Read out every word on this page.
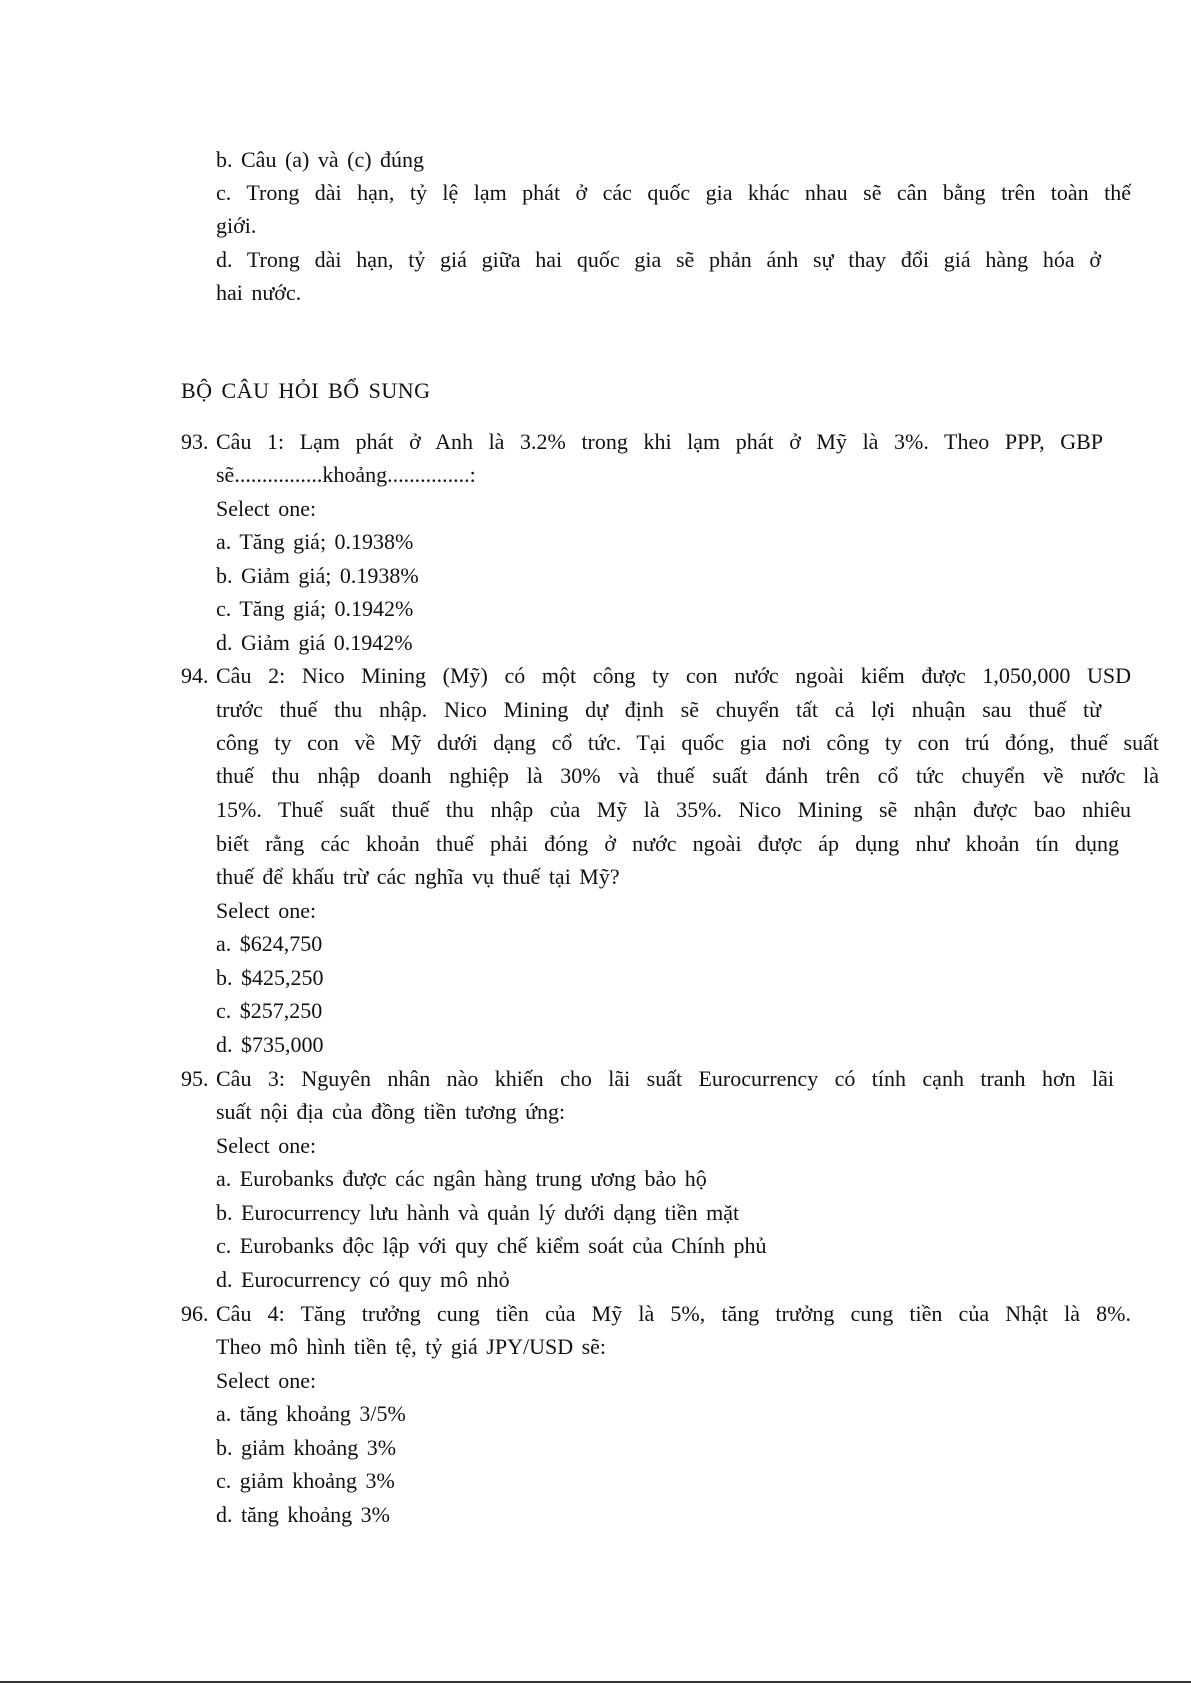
b. Câu (a) và (c) đúng
c. Trong dài hạn, tỷ lệ lạm phát ở các quốc gia khác nhau sẽ cân bằng trên toàn thế
giới.
d. Trong dài hạn, tỷ giá giữa hai quốc gia sẽ phản ánh sự thay đổi giá hàng hóa ở
hai nước.
BỘ CÂU HỎI BỔ SUNG
93. Câu 1: Lạm phát ở Anh là 3.2% trong khi lạm phát ở Mỹ là 3%. Theo PPP, GBP
sẽ................khoảng...............:
Select one:
a. Tăng giá; 0.1938%
b. Giảm giá; 0.1938%
c. Tăng giá; 0.1942%
d. Giảm giá 0.1942%
94. Câu 2: Nico Mining (Mỹ) có một công ty con nước ngoài kiếm được 1,050,000 USD
trước thuế thu nhập. Nico Mining dự định sẽ chuyển tất cả lợi nhuận sau thuế từ
công ty con về Mỹ dưới dạng cổ tức. Tại quốc gia nơi công ty con trú đóng, thuế suất
thuế thu nhập doanh nghiệp là 30% và thuế suất đánh trên cổ tức chuyển về nước là
15%. Thuế suất thuế thu nhập của Mỹ là 35%. Nico Mining sẽ nhận được bao nhiêu
biết rằng các khoản thuế phải đóng ở nước ngoài được áp dụng như khoản tín dụng
thuế để khấu trừ các nghĩa vụ thuế tại Mỹ?
Select one:
a. $624,750
b. $425,250
c. $257,250
d. $735,000
95. Câu 3: Nguyên nhân nào khiến cho lãi suất Eurocurrency có tính cạnh tranh hơn lãi
suất nội địa của đồng tiền tương ứng:
Select one:
a. Eurobanks được các ngân hàng trung ương bảo hộ
b. Eurocurrency lưu hành và quản lý dưới dạng tiền mặt
c. Eurobanks độc lập với quy chế kiểm soát của Chính phủ
d. Eurocurrency có quy mô nhỏ
96. Câu 4: Tăng trưởng cung tiền của Mỹ là 5%, tăng trưởng cung tiền của Nhật là 8%.
Theo mô hình tiền tệ, tỷ giá JPY/USD sẽ:
Select one:
a. tăng khoảng 3/5%
b. giảm khoảng 3%
c. giảm khoảng 3%
d. tăng khoảng 3%
